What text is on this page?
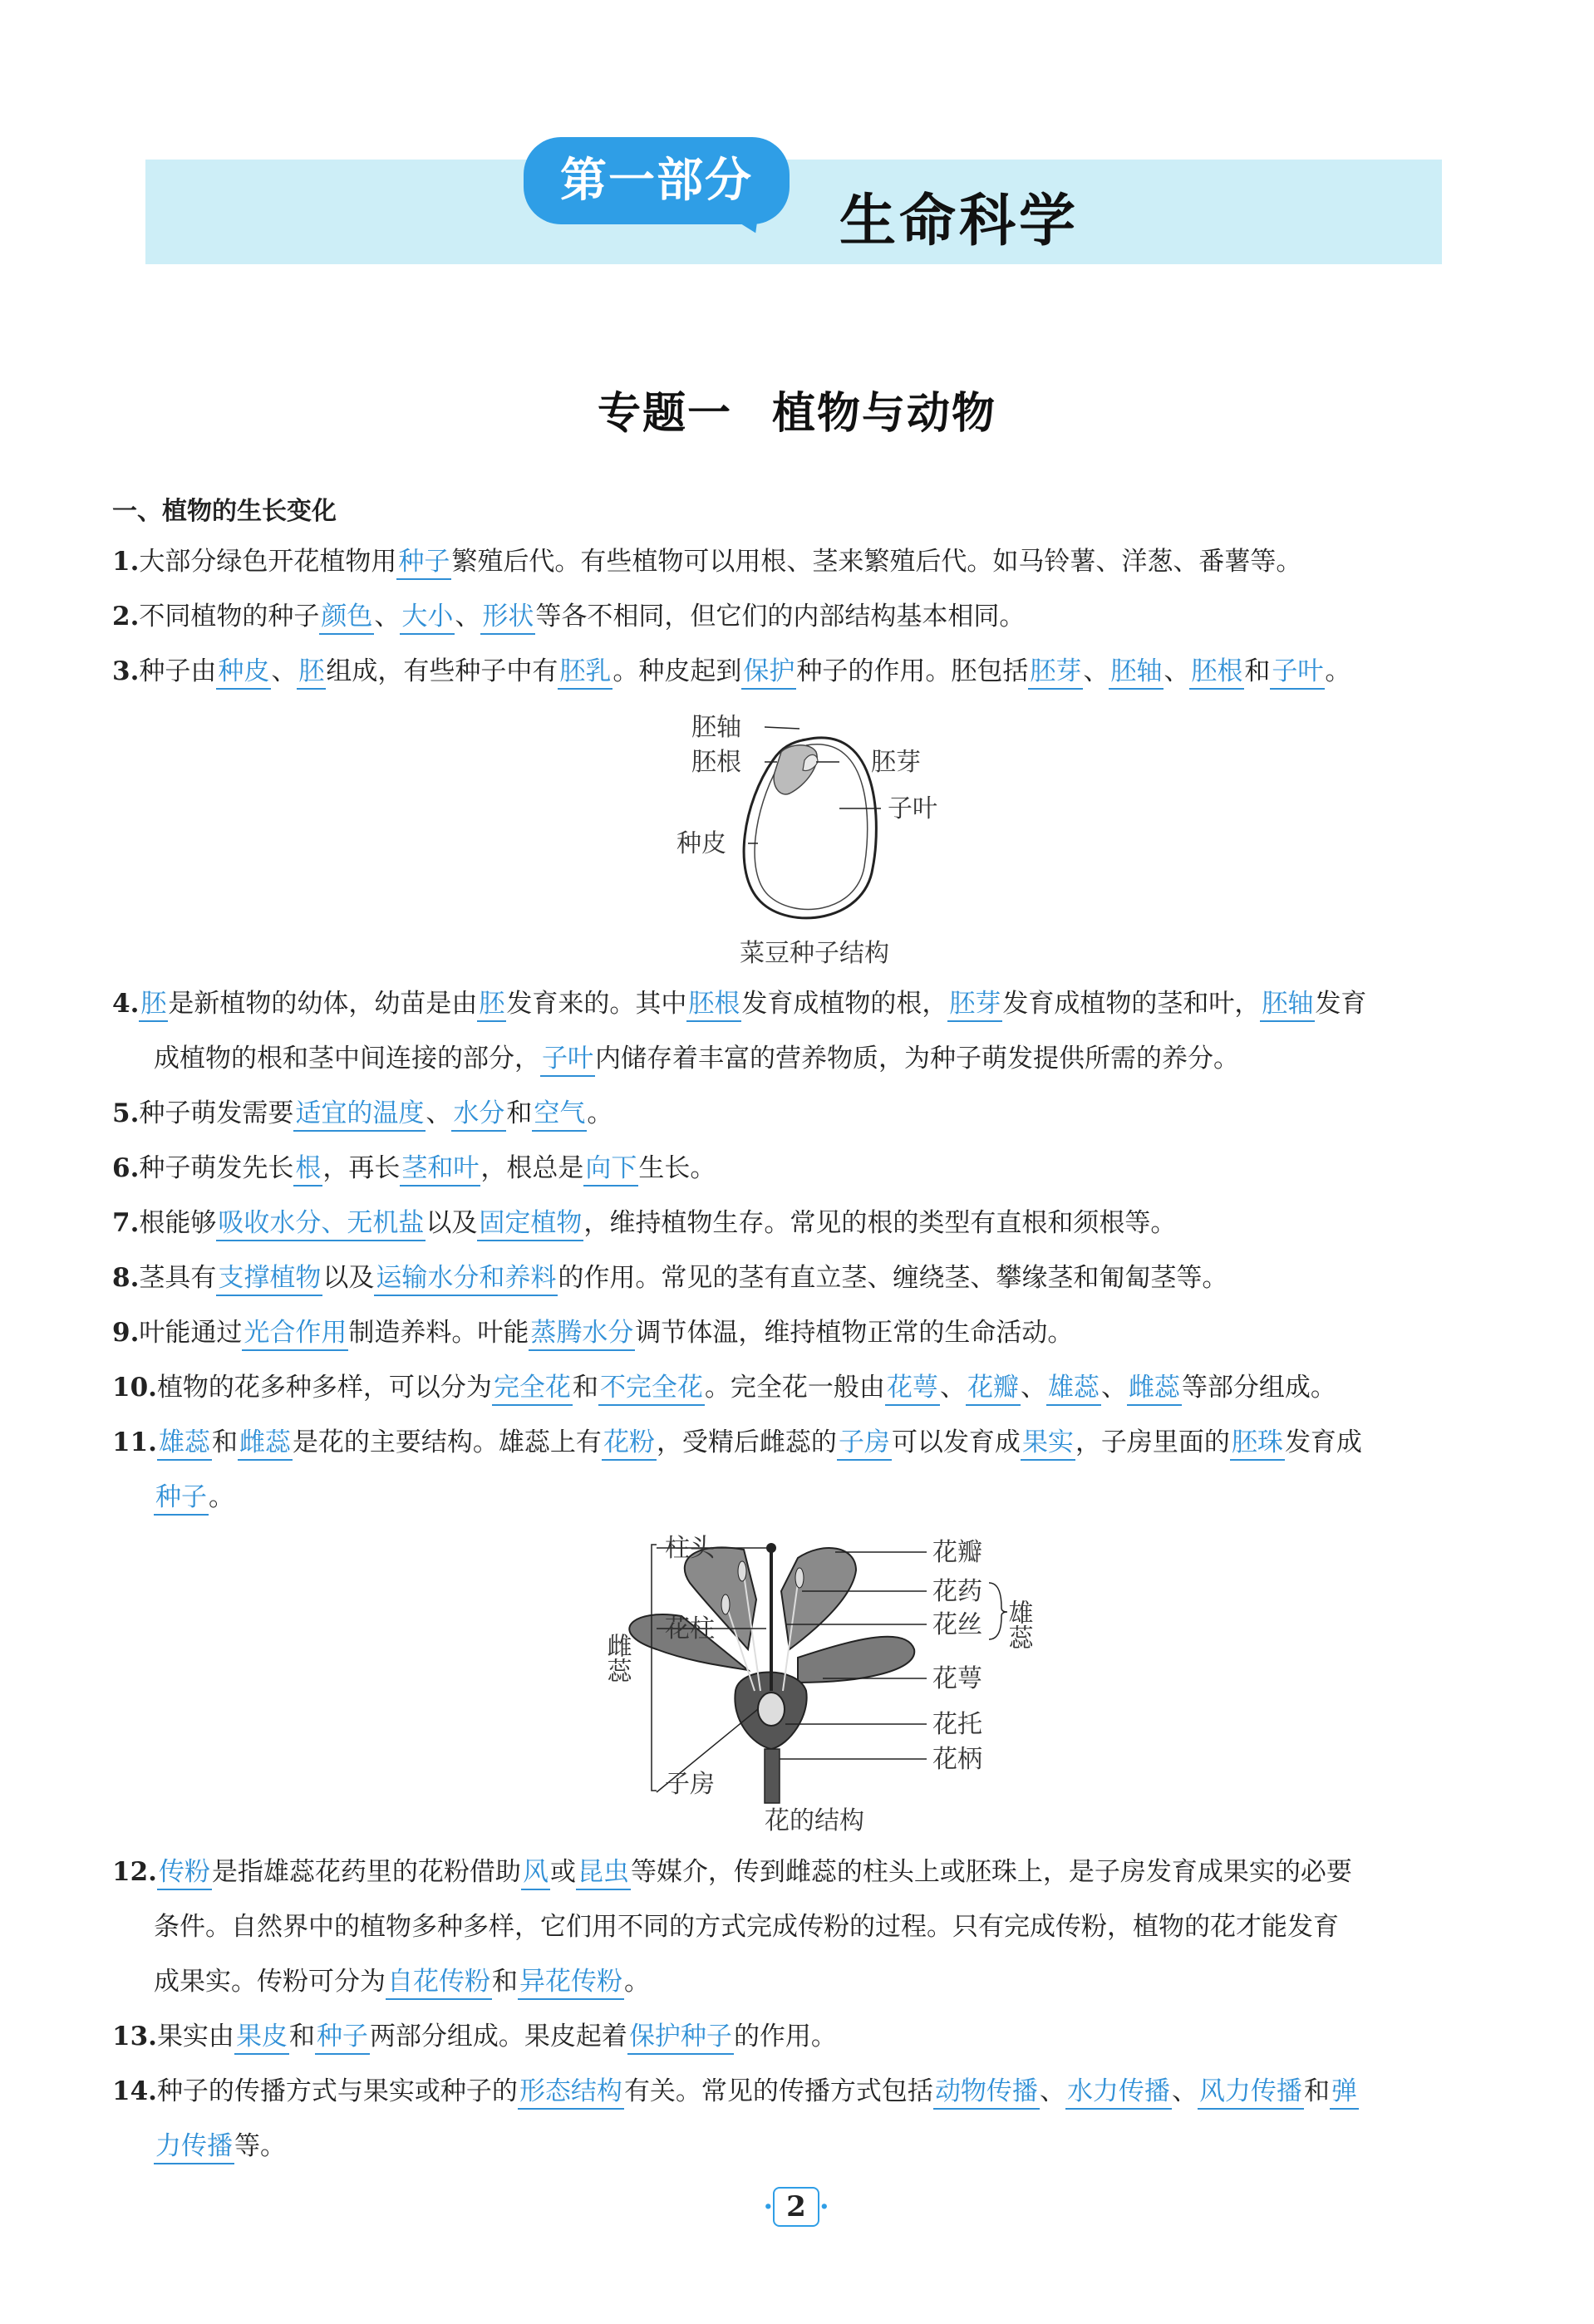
第一部分
生命科学
专题一 植物与动物
一、植物的生长变化
1.大部分绿色开花植物用种子繁殖后代。有些植物可以用根、茎来繁殖后代。如马铃薯、洋葱、番薯等。
2.不同植物的种子颜色、大小、形状等各不相同，但它们的内部结构基本相同。
3.种子由种皮、胚组成，有些种子中有胚乳。种皮起到保护种子的作用。胚包括胚芽、胚轴、胚根和子叶。
胚轴
胚根	胚芽
子叶
种皮
菜豆种子结构
4.胚是新植物的幼体，幼苗是由胚发育来的。其中胚根发育成植物的根，胚芽发育成植物的茎和叶，胚轴发育
成植物的根和茎中间连接的部分，子叶内储存着丰富的营养物质，为种子萌发提供所需的养分。
5.种子萌发需要适宜的温度、水分和空气。
6.种子萌发先长根，再长茎和叶，根总是向下生长。
7.根能够吸收水分、无机盐以及固定植物，维持植物生存。常见的根的类型有直根和须根等。
8.茎具有支撑植物以及运输水分和养料的作用。常见的茎有直立茎、缠绕茎、攀缘茎和匍匐茎等。
9.叶能通过光合作用制造养料。叶能蒸腾水分调节体温，维持植物正常的生命活动。
10.植物的花多种多样，可以分为完全花和不完全花。完全花一般由花萼、花瓣、雄蕊、雌蕊等部分组成。
11.雄蕊和雌蕊是花的主要结构。雄蕊上有花粉，受精后雌蕊的子房可以发育成果实，子房里面的胚珠发育成
种子。
柱头
花柱
子房
雌蕊
花瓣
花药
花丝 雄蕊
花萼
花托
花柄
花的结构
12.传粉是指雄蕊花药里的花粉借助风或昆虫等媒介，传到雌蕊的柱头上或胚珠上，是子房发育成果实的必要
条件。自然界中的植物多种多样，它们用不同的方式完成传粉的过程。只有完成传粉，植物的花才能发育
成果实。传粉可分为自花传粉和异花传粉。
13.果实由果皮和种子两部分组成。果皮起着保护种子的作用。
14.种子的传播方式与果实或种子的形态结构有关。常见的传播方式包括动物传播、水力传播、风力传播和弹
力传播等。
· 2 ·
